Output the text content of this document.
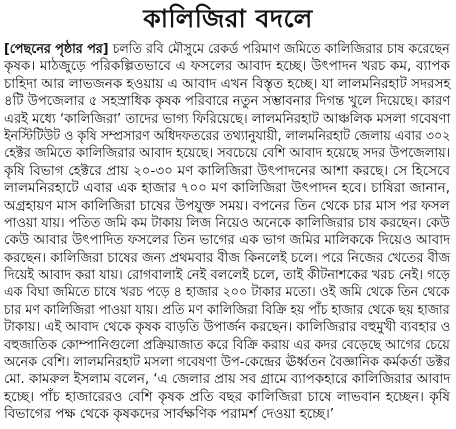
কালিজিরা বদলে
[পেছনের পৃষ্ঠার পর] চলতি রবি মৌসুমে রেকর্ড পরিমাণ জমিতে কালিজিরার চাষ করেছেন
কৃষক। মাঠজুড়ে পরিকল্পিতভাবে এ ফসলের আবাদ হচ্ছে। উৎপাদন খরচ কম, ব্যাপক
চাহিদা আর লাভজনক হওয়ায় এ আবাদ এখন বিস্তৃত হচ্ছে। যা লালমনিরহাট সদরসহ
৪টি উপজেলার ৫ সহস্রাধিক কৃষক পরিবারে নতুন সম্ভাবনার দিগন্ত খুলে দিয়েছে। কারণ
এরই মধ্যে ‘কালিজিরা’ তাদের ভাগ্য ফিরিয়েছে। লালমনিরহাট আঞ্চলিক মসলা গবেষণা
ইনস্টিটিউট ও কৃষি সম্প্রসারণ অধিদফতরের তথ্যানুযায়ী, লালমনিরহাট জেলায় এবার ৩০২
হেক্টর জমিতে কালিজিরার আবাদ হয়েছে। সবচেয়ে বেশি আবাদ হয়েছে সদর উপজেলায়।
কৃষি বিভাগ হেক্টরে প্রায় ২০-৩০ মণ কালিজিরা উৎপাদনের আশা করছে। সে হিসেবে
লালমনিরহাটে এবার এক হাজার ৭০০ মণ কালিজিরা উৎপাদন হবে। চাষিরা জানান,
অগ্রহায়ণ মাস কালিজিরা চাষের উপযুক্ত সময়। বপনের তিন থেকে চার মাস পর ফসল
পাওয়া যায়। পতিত জমি কম টাকায় লিজ নিয়েও অনেকে কালিজিরার চাষ করছেন। কেউ
কেউ আবার উৎপাদিত ফসলের তিন ভাগের এক ভাগ জমির মালিককে দিয়েও আবাদ
করছেন। কালিজিরা চাষের জন্য প্রথমবার বীজ কিনলেই চলে। পরে নিজের খেতের বীজ
দিয়েই আবাদ করা যায়। রোগবালাই নেই বললেই চলে, তাই কীটনাশকের খরচ নেই। গড়ে
এক বিঘা জমিতে চাষে খরচ পড়ে ৪ হাজার ২০০ টাকার মতো। ওই জমি থেকে তিন থেকে
চার মণ কালিজিরা পাওয়া যায়। প্রতি মণ কালিজিরা বিক্রি হয় পাঁচ হাজার থেকে ছয় হাজার
টাকায়। এই আবাদ থেকে কৃষক বাড়তি উপার্জন করছেন। কালিজিরার বহুমুখী ব্যবহার ও
বহুজাতিক কোম্পানিগুলো প্রক্রিয়াজাত করে বিক্রি করায় এর কদর বেড়েছে আগের চেয়ে
অনেক বেশি। লালমনিরহাট মসলা গবেষণা উপ-কেন্দ্রের ঊর্ধ্বতন বৈজ্ঞানিক কর্মকর্তা ডক্টর
মো. কামরুল ইসলাম বলেন, ‘এ জেলার প্রায় সব গ্রামে ব্যাপকহারে কালিজিরার আবাদ
হচ্ছে। পাঁচ হাজারেরও বেশি কৃষক প্রতি বছর কালিজিরা চাষে লাভবান হচ্ছেন। কৃষি
বিভাগের পক্ষ থেকে কৃষকদের সার্বক্ষণিক পরামর্শ দেওয়া হচ্ছে।’
